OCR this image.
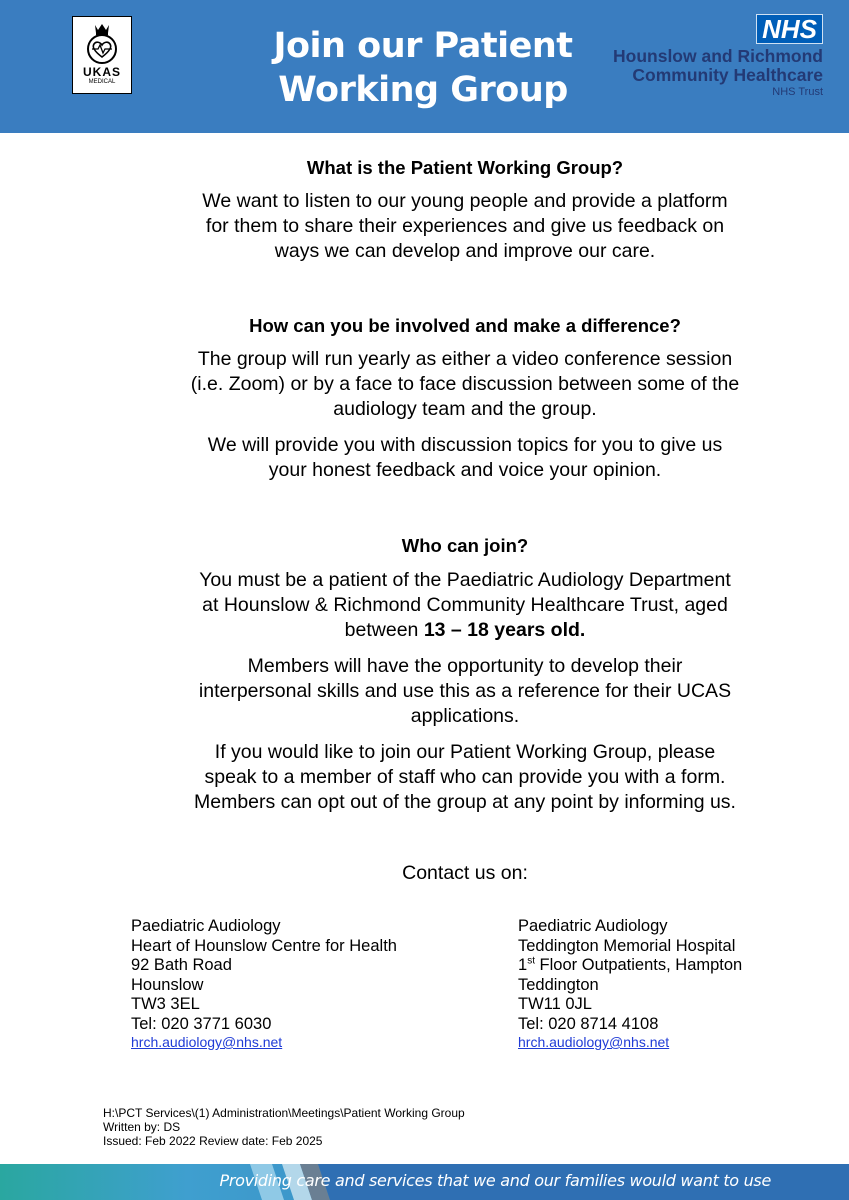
UKAS
MEDICAL
Join our Patient
Working Group
NHS
Hounslow and Richmond
Community Healthcare
NHS Trust
What is the Patient Working Group?
We want to listen to our young people and provide a platform
for them to share their experiences and give us feedback on
ways we can develop and improve our care.
How can you be involved and make a difference?
The group will run yearly as either a video conference session
(i.e. Zoom) or by a face to face discussion between some of the
audiology team and the group.
We will provide you with discussion topics for you to give us
your honest feedback and voice your opinion.
Who can join?
You must be a patient of the Paediatric Audiology Department
at Hounslow & Richmond Community Healthcare Trust, aged
between 13 – 18 years old.
Members will have the opportunity to develop their
interpersonal skills and use this as a reference for their UCAS
applications.
If you would like to join our Patient Working Group, please
speak to a member of staff who can provide you with a form.
Members can opt out of the group at any point by informing us.
Contact us on:
Paediatric Audiology
Heart of Hounslow Centre for Health
92 Bath Road
Hounslow
TW3 3EL
Tel: 020 3771 6030
hrch.audiology@nhs.net
Paediatric Audiology
Teddington Memorial Hospital
1st Floor Outpatients, Hampton
Teddington
TW11 0JL
Tel: 020 8714 4108
hrch.audiology@nhs.net
H:\PCT Services\(1) Administration\Meetings\Patient Working Group
Written by: DS
Issued: Feb 2022 Review date: Feb 2025
Providing care and services that we and our families would want to use
